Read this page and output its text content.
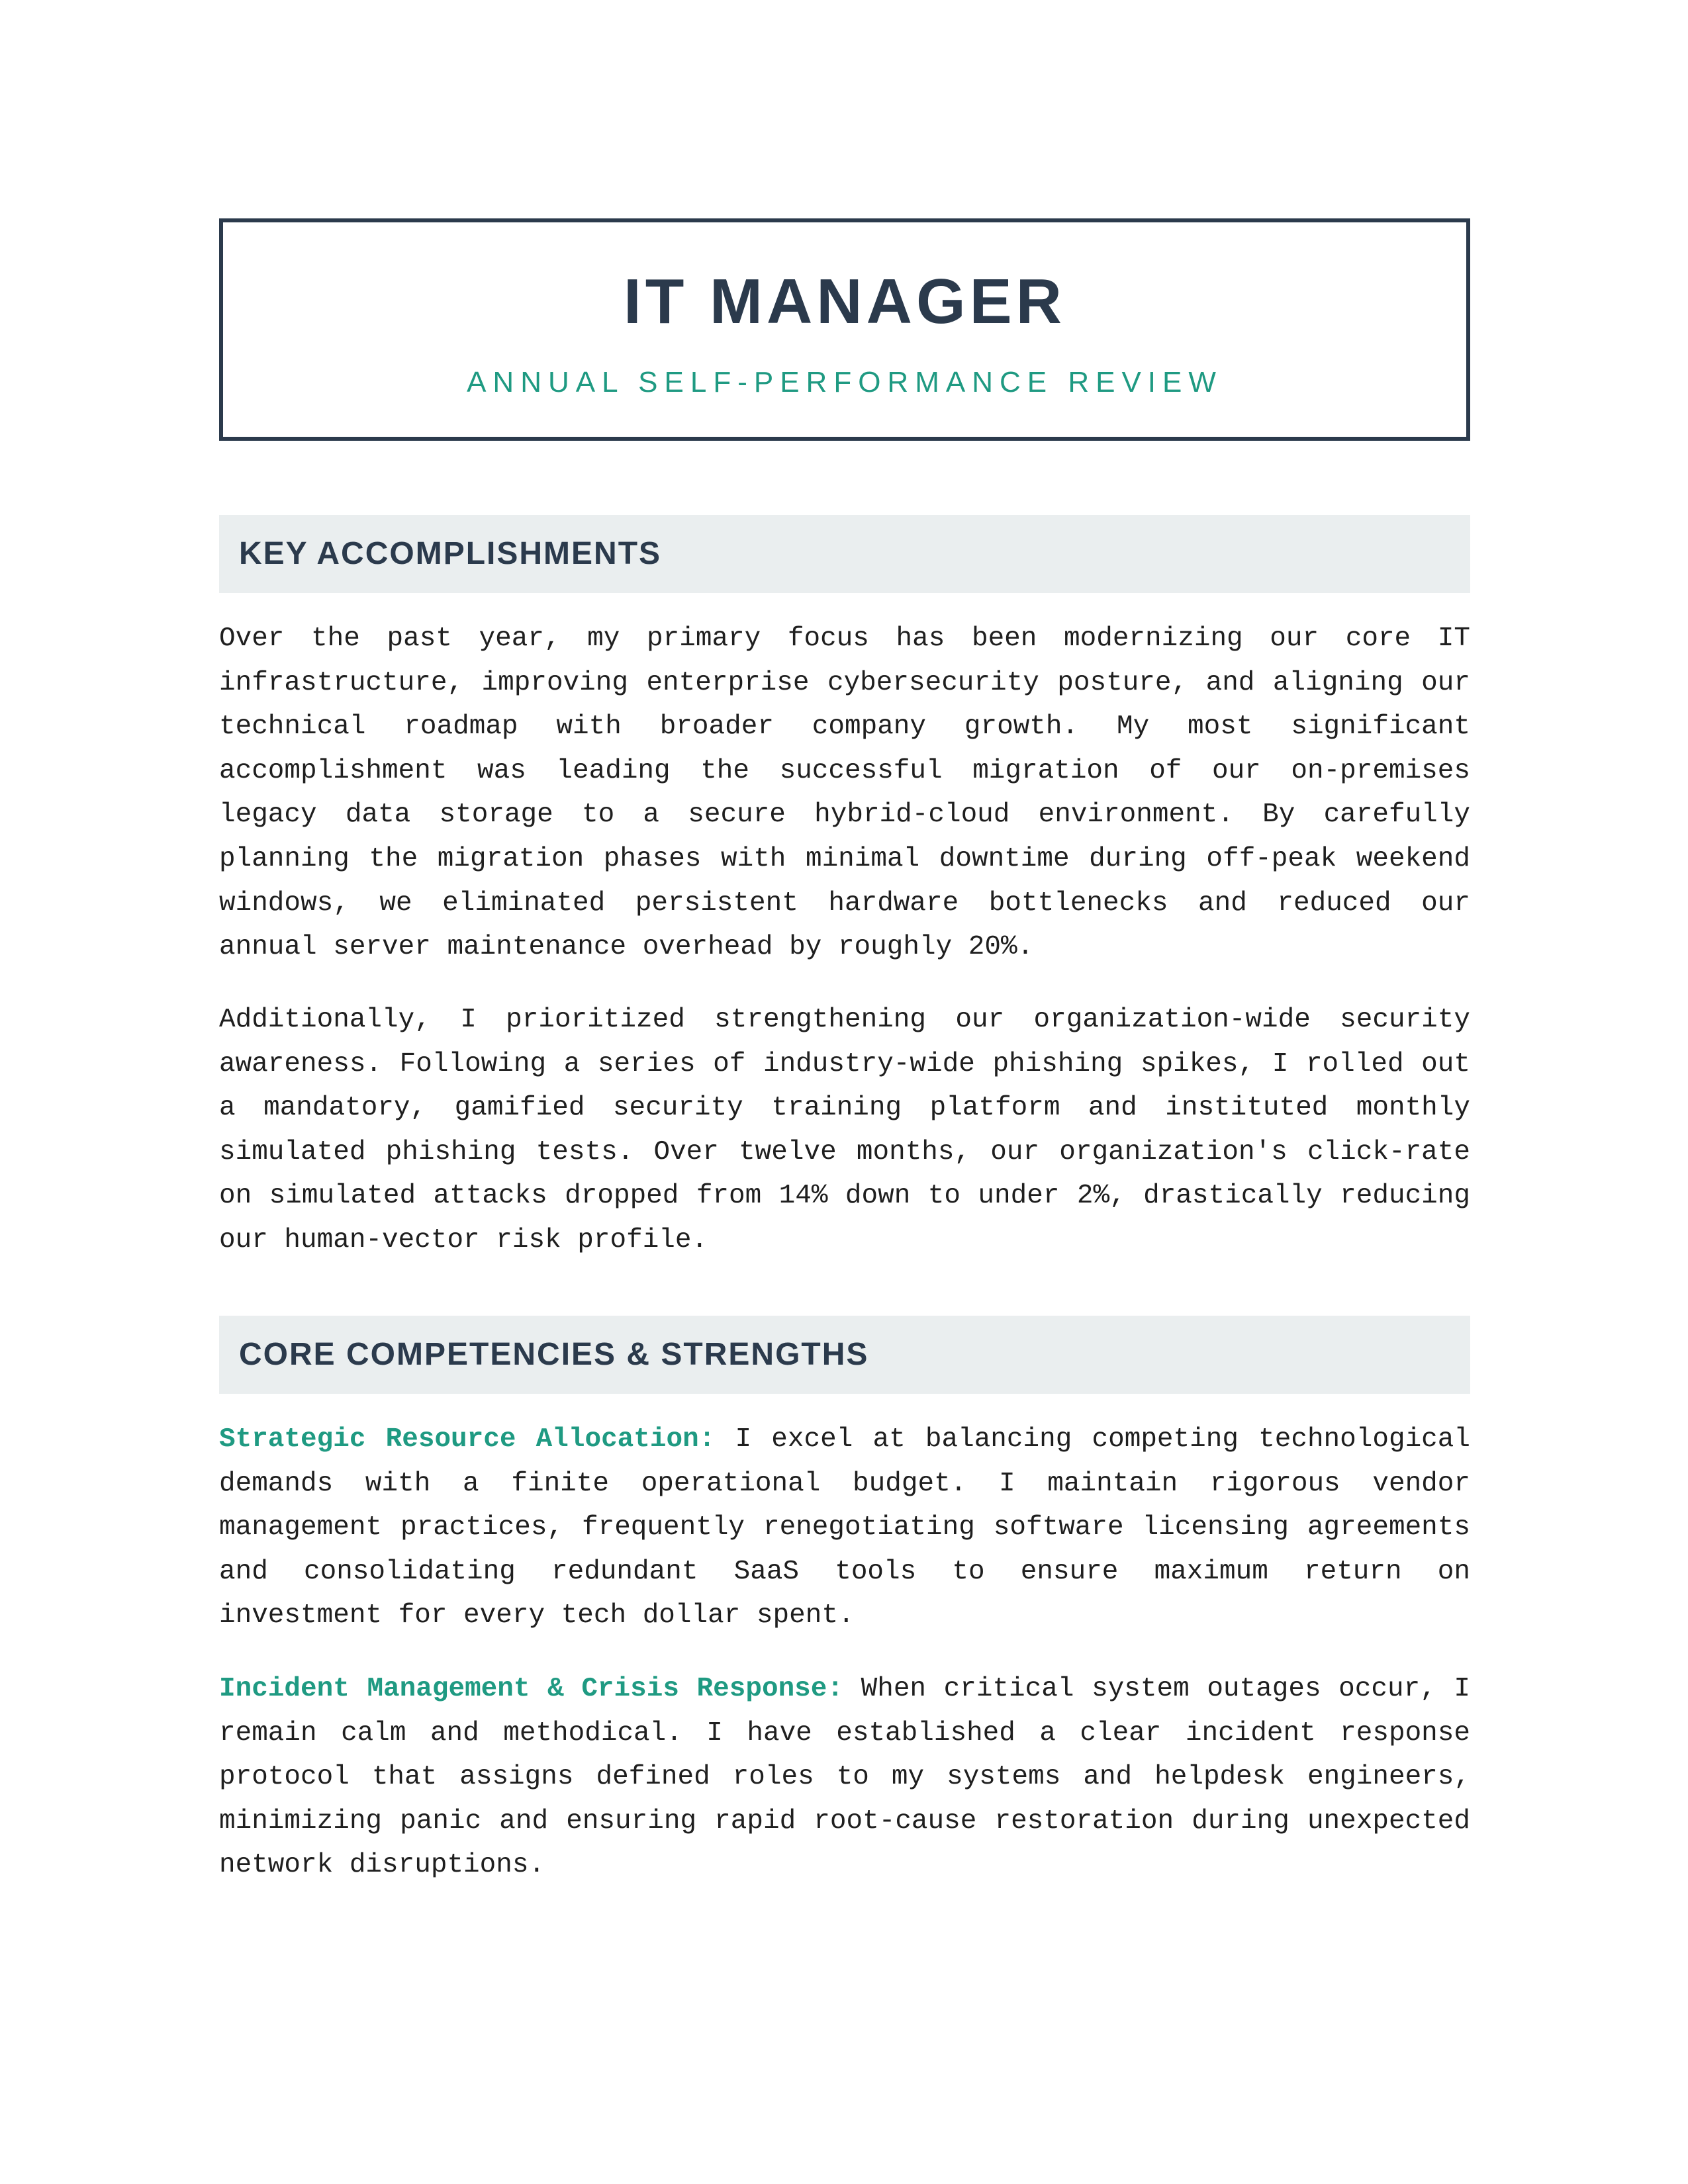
IT MANAGER
ANNUAL SELF-PERFORMANCE REVIEW
KEY ACCOMPLISHMENTS

Over the past year, my primary focus has been modernizing our core IT infrastructure, improving enterprise cybersecurity posture, and aligning our technical roadmap with broader company growth. My most significant accomplishment was leading the successful migration of our on-premises legacy data storage to a secure hybrid-cloud environment. By carefully planning the migration phases with minimal downtime during off-peak weekend windows, we eliminated persistent hardware bottlenecks and reduced our annual server maintenance overhead by roughly 20%.

Additionally, I prioritized strengthening our organization-wide security awareness. Following a series of industry-wide phishing spikes, I rolled out a mandatory, gamified security training platform and instituted monthly simulated phishing tests. Over twelve months, our organization's click-rate on simulated attacks dropped from 14% down to under 2%, drastically reducing our human-vector risk profile.

CORE COMPETENCIES & STRENGTHS

Strategic Resource Allocation: I excel at balancing competing technological demands with a finite operational budget. I maintain rigorous vendor management practices, frequently renegotiating software licensing agreements and consolidating redundant SaaS tools to ensure maximum return on investment for every tech dollar spent.

Incident Management & Crisis Response: When critical system outages occur, I remain calm and methodical. I have established a clear incident response protocol that assigns defined roles to my systems and helpdesk engineers, minimizing panic and ensuring rapid root-cause restoration during unexpected network disruptions.
